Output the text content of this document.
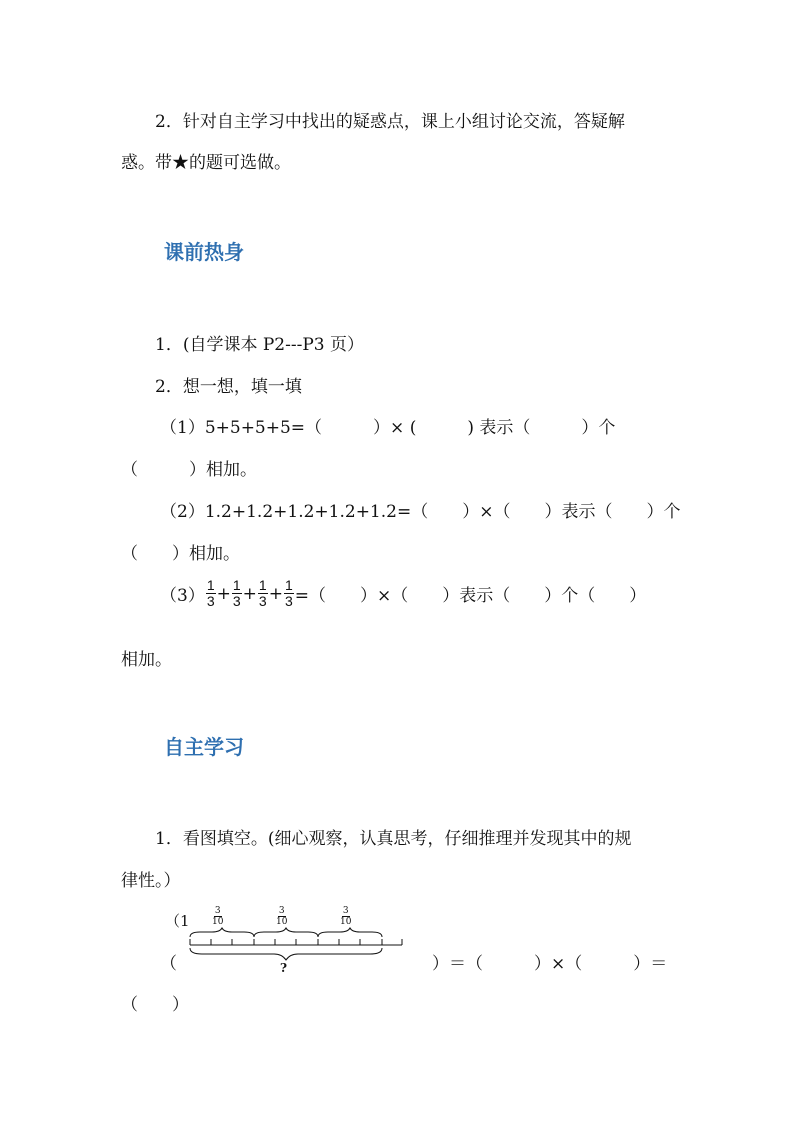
2．针对自主学习中找出的疑惑点，课上小组讨论交流，答疑解
惑。带★的题可选做。
课前热身
1．(自学课本 P2---P3 页）
2．想一想，填一填
（1）5+5+5+5=（　　　）× (　　　) 表示（　　　）个
（　　　）相加。
（2）1.2+1.2+1.2+1.2+1.2=（　　）×（　　）表示（　　）个
（　　）相加。
$(3) \frac{1}{3} + \frac{1}{3} + \frac{1}{3} + \frac{1}{3}$ =（　　）×（　　）表示（　　）个（　　）
相加。
自主学习
1．看图填空。(细心观察，认真思考，仔细推理并发现其中的规
律性。）
（1
3
10
3
10
3
10
?
（	）＝（　　　）×（　　　）＝
（　　）
